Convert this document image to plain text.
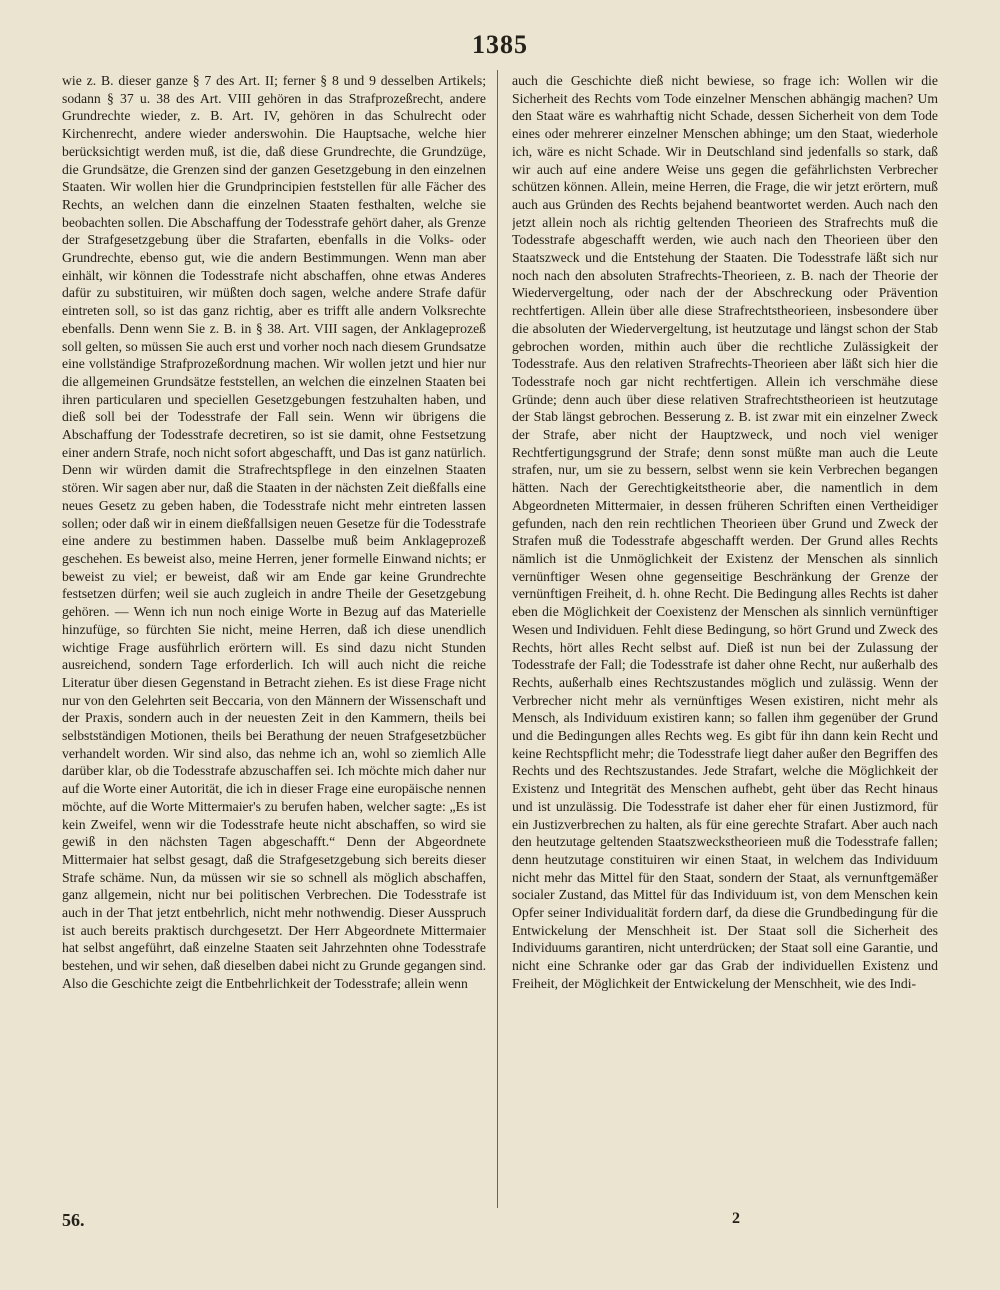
1385

wie z. B. dieser ganze § 7 des Art. II; ferner § 8 und 9 desselben Artikels; sodann § 37 u. 38 des Art. VIII gehören in das Strafprozeßrecht, andere Grundrechte wieder, z. B. Art. IV, gehören in das Schulrecht oder Kirchenrecht, andere wieder anderswohin. Die Hauptsache, welche hier berücksichtigt werden muß, ist die, daß diese Grundrechte, die Grundzüge, die Grundsätze, die Grenzen sind der ganzen Gesetzgebung in den einzelnen Staaten. Wir wollen hier die Grundprincipien feststellen für alle Fächer des Rechts, an welchen dann die einzelnen Staaten festhalten, welche sie beobachten sollen. Die Abschaffung der Todesstrafe gehört daher, als Grenze der Strafgesetzgebung über die Strafarten, ebenfalls in die Volks- oder Grundrechte, ebenso gut, wie die andern Bestimmungen. Wenn man aber einhält, wir können die Todesstrafe nicht abschaffen, ohne etwas Anderes dafür zu substituiren, wir müßten doch sagen, welche andere Strafe dafür eintreten soll, so ist das ganz richtig, aber es trifft alle andern Volksrechte ebenfalls. Denn wenn Sie z. B. in § 38. Art. VIII sagen, der Anklageprozeß soll gelten, so müssen Sie auch erst und vorher noch nach diesem Grundsatze eine vollständige Strafprozeßordnung machen. Wir wollen jetzt und hier nur die allgemeinen Grundsätze feststellen, an welchen die einzelnen Staaten bei ihren particularen und speciellen Gesetzgebungen festzuhalten haben, und dieß soll bei der Todesstrafe der Fall sein. Wenn wir übrigens die Abschaffung der Todesstrafe decretiren, so ist sie damit, ohne Festsetzung einer andern Strafe, noch nicht sofort abgeschafft, und Das ist ganz natürlich. Denn wir würden damit die Strafrechtspflege in den einzelnen Staaten stören. Wir sagen aber nur, daß die Staaten in der nächsten Zeit dießfalls eine neues Gesetz zu geben haben, die Todesstrafe nicht mehr eintreten lassen sollen; oder daß wir in einem dießfallsigen neuen Gesetze für die Todesstrafe eine andere zu bestimmen haben. Dasselbe muß beim Anklageprozeß geschehen. Es beweist also, meine Herren, jener formelle Einwand nichts; er beweist zu viel; er beweist, daß wir am Ende gar keine Grundrechte festsetzen dürfen; weil sie auch zugleich in andre Theile der Gesetzgebung gehören. — Wenn ich nun noch einige Worte in Bezug auf das Materielle hinzufüge, so fürchten Sie nicht, meine Herren, daß ich diese unendlich wichtige Frage ausführlich erörtern will. Es sind dazu nicht Stunden ausreichend, sondern Tage erforderlich. Ich will auch nicht die reiche Literatur über diesen Gegenstand in Betracht ziehen. Es ist diese Frage nicht nur von den Gelehrten seit Beccaria, von den Männern der Wissenschaft und der Praxis, sondern auch in der neuesten Zeit in den Kammern, theils bei selbstständigen Motionen, theils bei Berathung der neuen Strafgesetzbücher verhandelt worden. Wir sind also, das nehme ich an, wohl so ziemlich Alle darüber klar, ob die Todesstrafe abzuschaffen sei. Ich möchte mich daher nur auf die Worte einer Autorität, die ich in dieser Frage eine europäische nennen möchte, auf die Worte Mittermaier's zu berufen haben, welcher sagte: „Es ist kein Zweifel, wenn wir die Todesstrafe heute nicht abschaffen, so wird sie gewiß in den nächsten Tagen abgeschafft.“ Denn der Abgeordnete Mittermaier hat selbst gesagt, daß die Strafgesetzgebung sich bereits dieser Strafe schäme. Nun, da müssen wir sie so schnell als möglich abschaffen, ganz allgemein, nicht nur bei politischen Verbrechen. Die Todesstrafe ist auch in der That jetzt entbehrlich, nicht mehr nothwendig. Dieser Ausspruch ist auch bereits praktisch durchgesetzt. Der Herr Abgeordnete Mittermaier hat selbst angeführt, daß einzelne Staaten seit Jahrzehnten ohne Todesstrafe bestehen, und wir sehen, daß dieselben dabei nicht zu Grunde gegangen sind. Also die Geschichte zeigt die Entbehrlichkeit der Todesstrafe; allein wenn

auch die Geschichte dieß nicht bewiese, so frage ich: Wollen wir die Sicherheit des Rechts vom Tode einzelner Menschen abhängig machen? Um den Staat wäre es wahrhaftig nicht Schade, dessen Sicherheit von dem Tode eines oder mehrerer einzelner Menschen abhinge; um den Staat, wiederhole ich, wäre es nicht Schade. Wir in Deutschland sind jedenfalls so stark, daß wir auch auf eine andere Weise uns gegen die gefährlichsten Verbrecher schützen können. Allein, meine Herren, die Frage, die wir jetzt erörtern, muß auch aus Gründen des Rechts bejahend beantwortet werden. Auch nach den jetzt allein noch als richtig geltenden Theorieen des Strafrechts muß die Todesstrafe abgeschafft werden, wie auch nach den Theorieen über den Staatszweck und die Entstehung der Staaten. Die Todesstrafe läßt sich nur noch nach den absoluten Strafrechts-Theorieen, z. B. nach der Theorie der Wiedervergeltung, oder nach der der Abschreckung oder Prävention rechtfertigen. Allein über alle diese Strafrechtstheorieen, insbesondere über die absoluten der Wiedervergeltung, ist heutzutage und längst schon der Stab gebrochen worden, mithin auch über die rechtliche Zulässigkeit der Todesstrafe. Aus den relativen Strafrechts-Theorieen aber läßt sich hier die Todesstrafe noch gar nicht rechtfertigen. Allein ich verschmähe diese Gründe; denn auch über diese relativen Strafrechtstheorieen ist heutzutage der Stab längst gebrochen. Besserung z. B. ist zwar mit ein einzelner Zweck der Strafe, aber nicht der Hauptzweck, und noch viel weniger Rechtfertigungsgrund der Strafe; denn sonst müßte man auch die Leute strafen, nur, um sie zu bessern, selbst wenn sie kein Verbrechen begangen hätten. Nach der Gerechtigkeitstheorie aber, die namentlich in dem Abgeordneten Mittermaier, in dessen früheren Schriften einen Vertheidiger gefunden, nach den rein rechtlichen Theorieen über Grund und Zweck der Strafen muß die Todesstrafe abgeschafft werden. Der Grund alles Rechts nämlich ist die Unmöglichkeit der Existenz der Menschen als sinnlich vernünftiger Wesen ohne gegenseitige Beschränkung der Grenze der vernünftigen Freiheit, d. h. ohne Recht. Die Bedingung alles Rechts ist daher eben die Möglichkeit der Coexistenz der Menschen als sinnlich vernünftiger Wesen und Individuen. Fehlt diese Bedingung, so hört Grund und Zweck des Rechts, hört alles Recht selbst auf. Dieß ist nun bei der Zulassung der Todesstrafe der Fall; die Todesstrafe ist daher ohne Recht, nur außerhalb des Rechts, außerhalb eines Rechtszustandes möglich und zulässig. Wenn der Verbrecher nicht mehr als vernünftiges Wesen existiren, nicht mehr als Mensch, als Individuum existiren kann; so fallen ihm gegenüber der Grund und die Bedingungen alles Rechts weg. Es gibt für ihn dann kein Recht und keine Rechtspflicht mehr; die Todesstrafe liegt daher außer den Begriffen des Rechts und des Rechtszustandes. Jede Strafart, welche die Möglichkeit der Existenz und Integrität des Menschen aufhebt, geht über das Recht hinaus und ist unzulässig. Die Todesstrafe ist daher eher für einen Justizmord, für ein Justizverbrechen zu halten, als für eine gerechte Strafart. Aber auch nach den heutzutage geltenden Staatszweckstheorieen muß die Todesstrafe fallen; denn heutzutage constituiren wir einen Staat, in welchem das Individuum nicht mehr das Mittel für den Staat, sondern der Staat, als vernunftgemäßer socialer Zustand, das Mittel für das Individuum ist, von dem Menschen kein Opfer seiner Individualität fordern darf, da diese die Grundbedingung für die Entwickelung der Menschheit ist. Der Staat soll die Sicherheit des Individuums garantiren, nicht unterdrücken; der Staat soll eine Garantie, und nicht eine Schranke oder gar das Grab der individuellen Existenz und Freiheit, der Möglichkeit der Entwickelung der Menschheit, wie des Indi-

56.	2
